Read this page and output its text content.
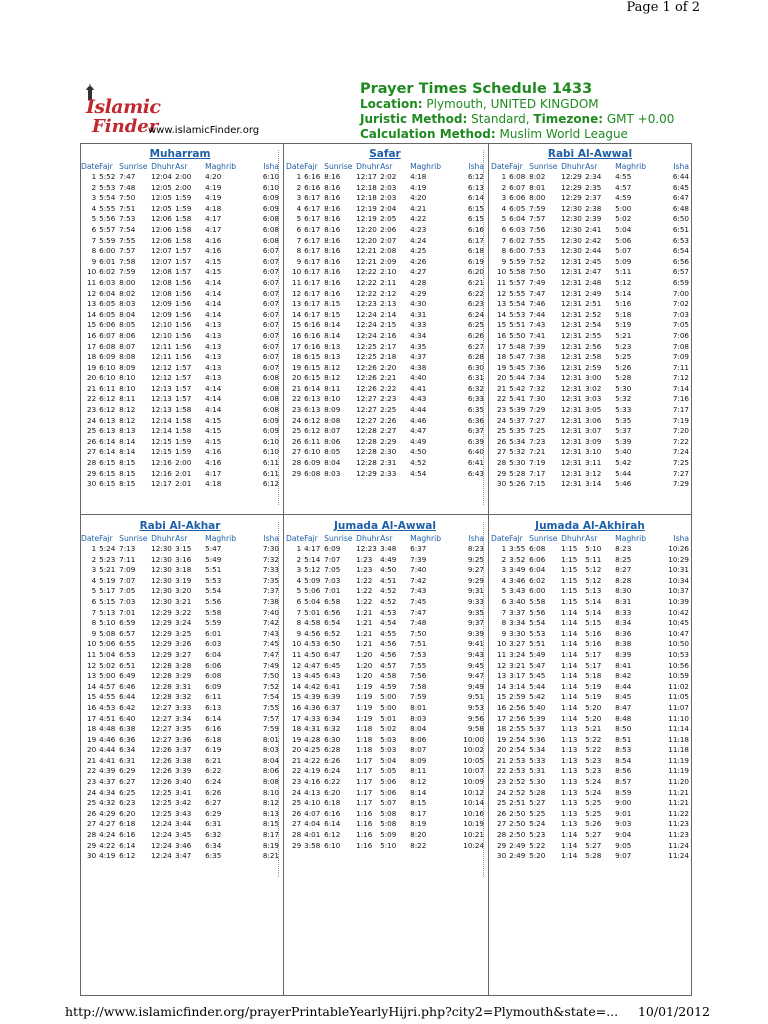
Page 1 of 2
Islamic
Finder
www.islamicFinder.org
Prayer Times Schedule 1433
Location: Plymouth, UNITED KINGDOM
Juristic Method: Standard, Timezone: GMT +0.00
Calculation Method: Muslim World League
Muharram
Date	Fajr	Sunrise	Dhuhr	Asr	Maghrib	Isha
1	5:52	7:47	12:04	2:00	4:20	6:10
2	5:53	7:48	12:05	2:00	4:19	6:10
3	5:54	7:50	12:05	1:59	4:19	6:09
4	5:55	7:51	12:05	1:59	4:18	6:09
5	5:56	7:53	12:06	1:58	4:17	6:08
6	5:57	7:54	12:06	1:58	4:17	6:08
7	5:59	7:55	12:06	1:58	4:16	6:08
8	6:00	7:57	12:07	1:57	4:16	6:07
9	6:01	7:58	12:07	1:57	4:15	6:07
10	6:02	7:59	12:08	1:57	4:15	6:07
11	6:03	8:00	12:08	1:56	4:14	6:07
12	6:04	8:02	12:08	1:56	4:14	6:07
13	6:05	8:03	12:09	1:56	4:14	6:07
14	6:05	8:04	12:09	1:56	4:14	6:07
15	6:06	8:05	12:10	1:56	4:13	6:07
16	6:07	8:06	12:10	1:56	4:13	6:07
17	6:08	8:07	12:11	1:56	4:13	6:07
18	6:09	8:08	12:11	1:56	4:13	6:07
19	6:10	8:09	12:12	1:57	4:13	6:07
20	6:10	8:10	12:12	1:57	4:13	6:08
21	6:11	8:10	12:13	1:57	4:14	6:08
22	6:12	8:11	12:13	1:57	4:14	6:08
23	6:12	8:12	12:13	1:58	4:14	6:08
24	6:13	8:12	12:14	1:58	4:15	6:09
25	6:13	8:13	12:14	1:58	4:15	6:09
26	6:14	8:14	12:15	1:59	4:15	6:10
27	6:14	8:14	12:15	1:59	4:16	6:10
28	6:15	8:15	12:16	2:00	4:16	6:11
29	6:15	8:15	12:16	2:01	4:17	6:11
30	6:15	8:15	12:17	2:01	4:18	6:12
Safar
Date	Fajr	Sunrise	Dhuhr	Asr	Maghrib	Isha
1	6:16	8:16	12:17	2:02	4:18	6:12
2	6:16	8:16	12:18	2:03	4:19	6:13
3	6:17	8:16	12:18	2:03	4:20	6:14
4	6:17	8:16	12:19	2:04	4:21	6:15
5	6:17	8:16	12:19	2:05	4:22	6:15
6	6:17	8:16	12:20	2:06	4:23	6:16
7	6:17	8:16	12:20	2:07	4:24	6:17
8	6:17	8:16	12:21	2:08	4:25	6:18
9	6:17	8:16	12:21	2:09	4:26	6:19
10	6:17	8:16	12:22	2:10	4:27	6:20
11	6:17	8:16	12:22	2:11	4:28	6:21
12	6:17	8:16	12:22	2:12	4:29	6:22
13	6:17	8:15	12:23	2:13	4:30	6:23
14	6:17	8:15	12:24	2:14	4:31	6:24
15	6:16	8:14	12:24	2:15	4:33	6:25
16	6:16	8:14	12:24	2:16	4:34	6:26
17	6:16	8:13	12:25	2:17	4:35	6:27
18	6:15	8:13	12:25	2:18	4:37	6:28
19	6:15	8:12	12:26	2:20	4:38	6:30
20	6:15	8:12	12:26	2:21	4:40	6:31
21	6:14	8:11	12:26	2:22	4:41	6:32
22	6:13	8:10	12:27	2:23	4:43	6:33
23	6:13	8:09	12:27	2:25	4:44	6:35
24	6:12	8:08	12:27	2:26	4:46	6:36
25	6:12	8:07	12:28	2:27	4:47	6:37
26	6:11	8:06	12:28	2:29	4:49	6:39
27	6:10	8:05	12:28	2:30	4:50	6:40
28	6:09	8:04	12:28	2:31	4:52	6:41
29	6:08	8:03	12:29	2:33	4:54	6:43
Rabi Al-Awwal
Date	Fajr	Sunrise	Dhuhr	Asr	Maghrib	Isha
1	6:08	8:02	12:29	2:34	4:55	6:44
2	6:07	8:01	12:29	2:35	4:57	6:45
3	6:06	8:00	12:29	2:37	4:59	6:47
4	6:05	7:59	12:30	2:38	5:00	6:48
5	6:04	7:57	12:30	2:39	5:02	6:50
6	6:03	7:56	12:30	2:41	5:04	6:51
7	6:02	7:55	12:30	2:42	5:06	6:53
8	6:00	7:53	12:30	2:44	5:07	6:54
9	5:59	7:52	12:31	2:45	5:09	6:56
10	5:58	7:50	12:31	2:47	5:11	6:57
11	5:57	7:49	12:31	2:48	5:12	6:59
12	5:55	7:47	12:31	2:49	5:14	7:00
13	5:54	7:46	12:31	2:51	5:16	7:02
14	5:53	7:44	12:31	2:52	5:18	7:03
15	5:51	7:43	12:31	2:54	5:19	7:05
16	5:50	7:41	12:31	2:55	5:21	7:06
17	5:48	7:39	12:31	2:56	5:23	7:08
18	5:47	7:38	12:31	2:58	5:25	7:09
19	5:45	7:36	12:31	2:59	5:26	7:11
20	5:44	7:34	12:31	3:00	5:28	7:12
21	5:42	7:32	12:31	3:02	5:30	7:14
22	5:41	7:30	12:31	3:03	5:32	7:16
23	5:39	7:29	12:31	3:05	5:33	7:17
24	5:37	7:27	12:31	3:06	5:35	7:19
25	5:35	7:25	12:31	3:07	5:37	7:20
26	5:34	7:23	12:31	3:09	5:39	7:22
27	5:32	7:21	12:31	3:10	5:40	7:24
28	5:30	7:19	12:31	3:11	5:42	7:25
29	5:28	7:17	12:31	3:12	5:44	7:27
30	5:26	7:15	12:31	3:14	5:46	7:29
Rabi Al-Akhar
Date	Fajr	Sunrise	Dhuhr	Asr	Maghrib	Isha
1	5:24	7:13	12:30	3:15	5:47	7:30
2	5:23	7:11	12:30	3:16	5:49	7:32
3	5:21	7:09	12:30	3:18	5:51	7:33
4	5:19	7:07	12:30	3:19	5:53	7:35
5	5:17	7:05	12:30	3:20	5:54	7:37
6	5:15	7:03	12:30	3:21	5:56	7:38
7	5:13	7:01	12:29	3:22	5:58	7:40
8	5:10	6:59	12:29	3:24	5:59	7:42
9	5:08	6:57	12:29	3:25	6:01	7:43
10	5:06	6:55	12:29	3:26	6:03	7:45
11	5:04	6:53	12:29	3:27	6:04	7:47
12	5:02	6:51	12:28	3:28	6:06	7:49
13	5:00	6:49	12:28	3:29	6:08	7:50
14	4:57	6:46	12:28	3:31	6:09	7:52
15	4:55	6:44	12:28	3:32	6:11	7:54
16	4:53	6:42	12:27	3:33	6:13	7:55
17	4:51	6:40	12:27	3:34	6:14	7:57
18	4:48	6:38	12:27	3:35	6:16	7:59
19	4:46	6:36	12:27	3:36	6:18	8:01
20	4:44	6:34	12:26	3:37	6:19	8:03
21	4:41	6:31	12:26	3:38	6:21	8:04
22	4:39	6:29	12:26	3:39	6:22	8:06
23	4:37	6:27	12:26	3:40	6:24	8:08
24	4:34	6:25	12:25	3:41	6:26	8:10
25	4:32	6:23	12:25	3:42	6:27	8:12
26	4:29	6:20	12:25	3:43	6:29	8:13
27	4:27	6:18	12:24	3:44	6:31	8:15
28	4:24	6:16	12:24	3:45	6:32	8:17
29	4:22	6:14	12:24	3:46	6:34	8:19
30	4:19	6:12	12:24	3:47	6:35	8:21
Jumada Al-Awwal
Date	Fajr	Sunrise	Dhuhr	Asr	Maghrib	Isha
1	4:17	6:09	12:23	3:48	6:37	8:23
2	5:14	7:07	1:23	4:49	7:39	9:25
3	5:12	7:05	1:23	4:50	7:40	9:27
4	5:09	7:03	1:22	4:51	7:42	9:29
5	5:06	7:01	1:22	4:52	7:43	9:31
6	5:04	6:58	1:22	4:52	7:45	9:33
7	5:01	6:56	1:21	4:53	7:47	9:35
8	4:58	6:54	1:21	4:54	7:48	9:37
9	4:56	6:52	1:21	4:55	7:50	9:39
10	4:53	6:50	1:21	4:56	7:51	9:41
11	4:50	6:47	1:20	4:56	7:53	9:43
12	4:47	6:45	1:20	4:57	7:55	9:45
13	4:45	6:43	1:20	4:58	7:56	9:47
14	4:42	6:41	1:19	4:59	7:58	9:49
15	4:39	6:39	1:19	5:00	7:59	9:51
16	4:36	6:37	1:19	5:00	8:01	9:53
17	4:33	6:34	1:19	5:01	8:03	9:56
18	4:31	6:32	1:18	5:02	8:04	9:58
19	4:28	6:30	1:18	5:03	8:06	10:00
20	4:25	6:28	1:18	5:03	8:07	10:02
21	4:22	6:26	1:17	5:04	8:09	10:05
22	4:19	6:24	1:17	5:05	8:11	10:07
23	4:16	6:22	1:17	5:06	8:12	10:09
24	4:13	6:20	1:17	5:06	8:14	10:12
25	4:10	6:18	1:17	5:07	8:15	10:14
26	4:07	6:16	1:16	5:08	8:17	10:16
27	4:04	6:14	1:16	5:08	8:19	10:19
28	4:01	6:12	1:16	5:09	8:20	10:21
29	3:58	6:10	1:16	5:10	8:22	10:24
Jumada Al-Akhirah
Date	Fajr	Sunrise	Dhuhr	Asr	Maghrib	Isha
1	3:55	6:08	1:15	5:10	8:23	10:26
2	3:52	6:06	1:15	5:11	8:25	10:29
3	3:49	6:04	1:15	5:12	8:27	10:31
4	3:46	6:02	1:15	5:12	8:28	10:34
5	3:43	6:00	1:15	5:13	8:30	10:37
6	3:40	5:58	1:15	5:14	8:31	10:39
7	3:37	5:56	1:14	5:14	8:33	10:42
8	3:34	5:54	1:14	5:15	8:34	10:45
9	3:30	5:53	1:14	5:16	8:36	10:47
10	3:27	5:51	1:14	5:16	8:38	10:50
11	3:24	5:49	1:14	5:17	8:39	10:53
12	3:21	5:47	1:14	5:17	8:41	10:56
13	3:17	5:45	1:14	5:18	8:42	10:59
14	3:14	5:44	1:14	5:19	8:44	11:02
15	2:59	5:42	1:14	5:19	8:45	11:05
16	2:56	5:40	1:14	5:20	8:47	11:07
17	2:56	5:39	1:14	5:20	8:48	11:10
18	2:55	5:37	1:13	5:21	8:50	11:14
19	2:54	5:36	1:13	5:22	8:51	11:18
20	2:54	5:34	1:13	5:22	8:53	11:18
21	2:53	5:33	1:13	5:23	8:54	11:19
22	2:53	5:31	1:13	5:23	8:56	11:19
23	2:52	5:30	1:13	5:24	8:57	11:20
24	2:52	5:28	1:13	5:24	8:59	11:21
25	2:51	5:27	1:13	5:25	9:00	11:21
26	2:50	5:25	1:13	5:25	9:01	11:22
27	2:50	5:24	1:13	5:26	9:03	11:23
28	2:50	5:23	1:14	5:27	9:04	11:23
29	2:49	5:22	1:14	5:27	9:05	11:24
30	2:49	5:20	1:14	5:28	9:07	11:24
http://www.islamicfinder.org/prayerPrintableYearlyHijri.php?city2=Plymouth&state=... 10/01/2012
